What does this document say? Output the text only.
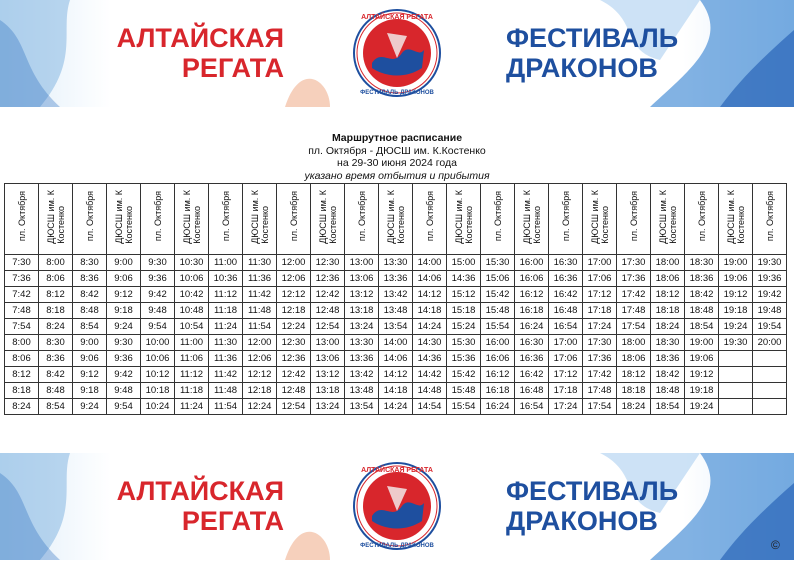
АЛТАЙСКАЯ
РЕГАТА
АЛТАЙСКАЯ РЕГАТА
ФЕСТИВАЛЬ ДРАКОНОВ
ФЕСТИВАЛЬ
ДРАКОНОВ
Маршрутное расписание
пл. Октября - ДЮСШ им. К.Костенко
на 29-30 июня 2024 года
указано время отбытия и прибытия
пл. Октября	ДЮСШ им. К
Костенко	пл. Октября	ДЮСШ им. К
Костенко	пл. Октября	ДЮСШ им. К
Костенко	пл. Октября	ДЮСШ им. К
Костенко	пл. Октября	ДЮСШ им. К
Костенко	пл. Октября	ДЮСШ им. К
Костенко	пл. Октября	ДЮСШ им. К
Костенко	пл. Октября	ДЮСШ им. К
Костенко	пл. Октября	ДЮСШ им. К
Костенко	пл. Октября	ДЮСШ им. К
Костенко	пл. Октября	ДЮСШ им. К
Костенко	пл. Октября
7:30	8:00	8:30	9:00	9:30	10:30	11:00	11:30	12:00	12:30	13:00	13:30	14:00	15:00	15:30	16:00	16:30	17:00	17:30	18:00	18:30	19:00	19:30
7:36	8:06	8:36	9:06	9:36	10:06	10:36	11:36	12:06	12:36	13:06	13:36	14:06	14:36	15:06	16:06	16:36	17:06	17:36	18:06	18:36	19:06	19:36
7:42	8:12	8:42	9:12	9:42	10:42	11:12	11:42	12:12	12:42	13:12	13:42	14:12	15:12	15:42	16:12	16:42	17:12	17:42	18:12	18:42	19:12	19:42
7:48	8:18	8:48	9:18	9:48	10:48	11:18	11:48	12:18	12:48	13:18	13:48	14:18	15:18	15:48	16:18	16:48	17:18	17:48	18:18	18:48	19:18	19:48
7:54	8:24	8:54	9:24	9:54	10:54	11:24	11:54	12:24	12:54	13:24	13:54	14:24	15:24	15:54	16:24	16:54	17:24	17:54	18:24	18:54	19:24	19:54
8:00	8:30	9:00	9:30	10:00	11:00	11:30	12:00	12:30	13:00	13:30	14:00	14:30	15:30	16:00	16:30	17:00	17:30	18:00	18:30	19:00	19:30	20:00
8:06	8:36	9:06	9:36	10:06	11:06	11:36	12:06	12:36	13:06	13:36	14:06	14:36	15:36	16:06	16:36	17:06	17:36	18:06	18:36	19:06		
8:12	8:42	9:12	9:42	10:12	11:12	11:42	12:12	12:42	13:12	13:42	14:12	14:42	15:42	16:12	16:42	17:12	17:42	18:12	18:42	19:12		
8:18	8:48	9:18	9:48	10:18	11:18	11:48	12:18	12:48	13:18	13:48	14:18	14:48	15:48	16:18	16:48	17:18	17:48	18:18	18:48	19:18		
8:24	8:54	9:24	9:54	10:24	11:24	11:54	12:24	12:54	13:24	13:54	14:24	14:54	15:54	16:24	16:54	17:24	17:54	18:24	18:54	19:24		
АЛТАЙСКАЯ
РЕГАТА
АЛТАЙСКАЯ РЕГАТА
ФЕСТИВАЛЬ ДРАКОНОВ
ФЕСТИВАЛЬ
ДРАКОНОВ
©
